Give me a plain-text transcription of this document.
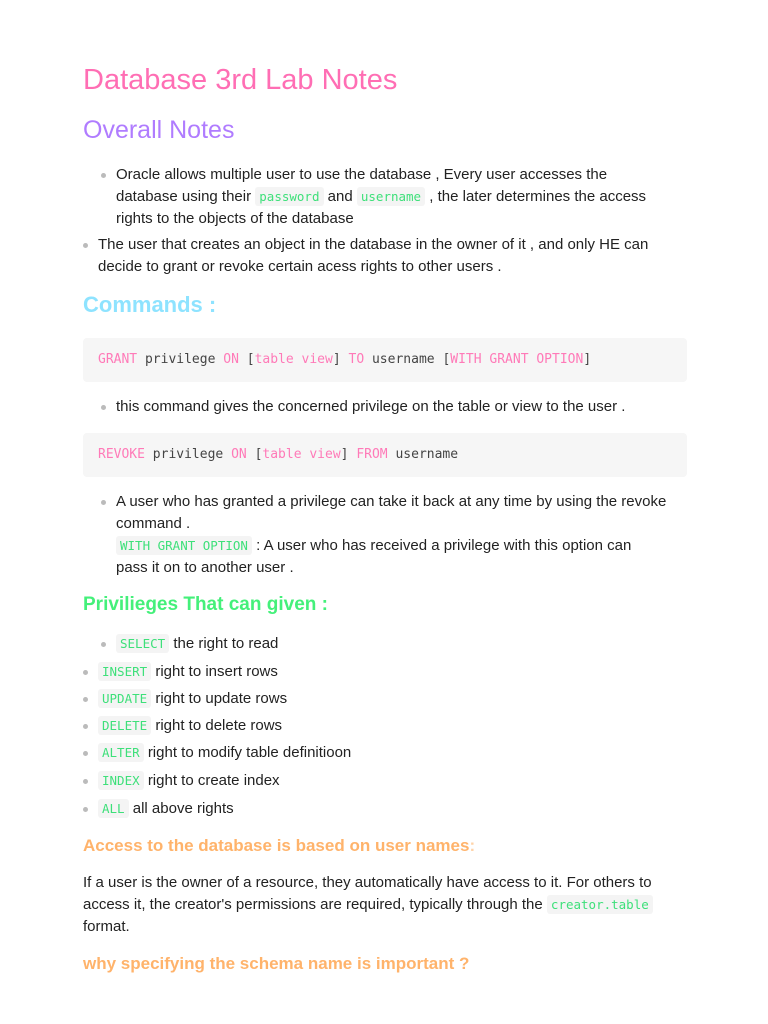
Database 3rd Lab Notes
Overall Notes
Oracle allows multiple user to use the database , Every user accesses the
database using their password and username , the later determines the access
rights to the objects of the database
The user that creates an object in the database in the owner of it , and only HE can
decide to grant or revoke certain acess rights to other users .
Commands :
GRANT privilege ON [table view] TO username [WITH GRANT OPTION]
this command gives the concerned privilege on the table or view to the user .
REVOKE privilege ON [table view] FROM username
A user who has granted a privilege can take it back at any time by using the revoke
command .
WITH GRANT OPTION : A user who has received a privilege with this option can
pass it on to another user .
Privilieges That can given :
SELECT the right to read
INSERT right to insert rows
UPDATE right to update rows
DELETE right to delete rows
ALTER right to modify table definitioon
INDEX right to create index
ALL all above rights
Access to the database is based on user names:
If a user is the owner of a resource, they automatically have access to it. For others to
access it, the creator's permissions are required, typically through the creator.table
format.
why specifying the schema name is important ?
